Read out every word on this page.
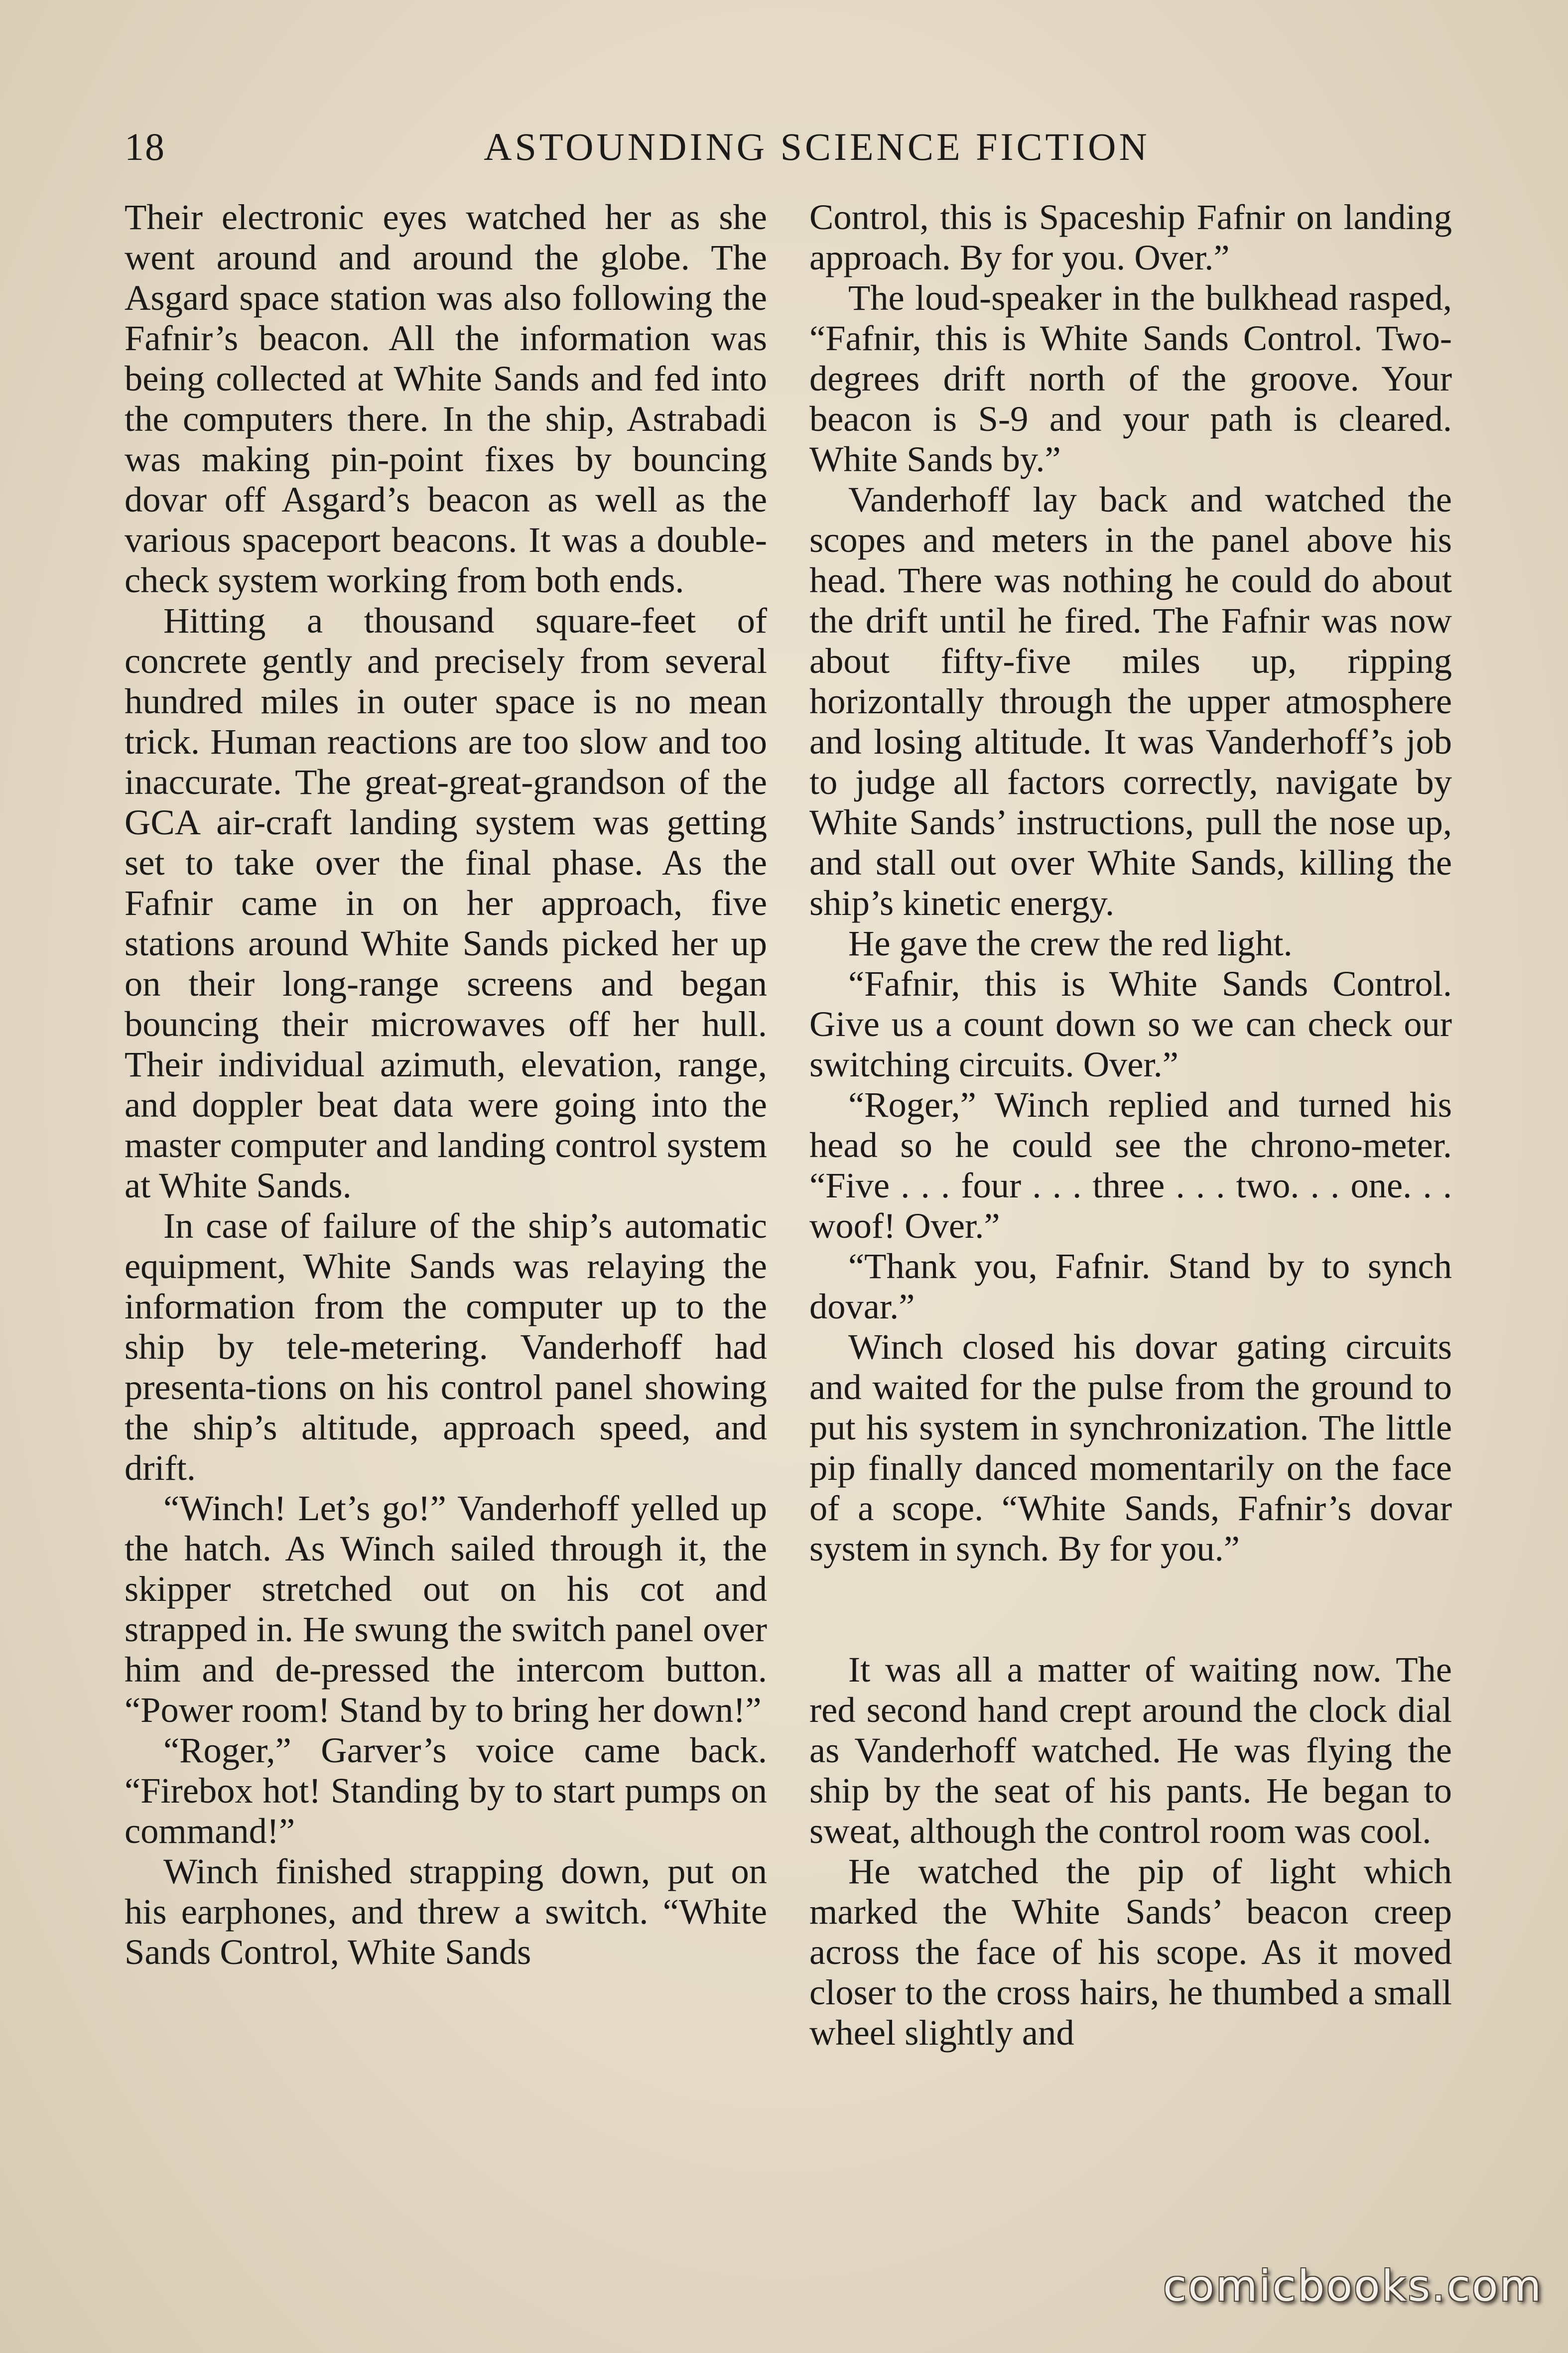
18	ASTOUNDING SCIENCE FICTION

Their electronic eyes watched her as she went around and around the globe. The Asgard space station was also following the Fafnir’s beacon. All the information was being collected at White Sands and fed into the computers there. In the ship, Astrabadi was making pin-point fixes by bouncing dovar off Asgard’s beacon as well as the various spaceport beacons. It was a double-check system working from both ends.

Hitting a thousand square-feet of concrete gently and precisely from several hundred miles in outer space is no mean trick. Human reactions are too slow and too inaccurate. The great-great-grandson of the GCA air-craft landing system was getting set to take over the final phase. As the Fafnir came in on her approach, five stations around White Sands picked her up on their long-range screens and began bouncing their microwaves off her hull. Their individual azimuth, elevation, range, and doppler beat data were going into the master computer and landing control system at White Sands.

In case of failure of the ship’s automatic equipment, White Sands was relaying the information from the computer up to the ship by tele-metering. Vanderhoff had presenta-tions on his control panel showing the ship’s altitude, approach speed, and drift.

“Winch! Let’s go!” Vanderhoff yelled up the hatch. As Winch sailed through it, the skipper stretched out on his cot and strapped in. He swung the switch panel over him and de-pressed the intercom button. “Power room! Stand by to bring her down!”

“Roger,” Garver’s voice came back. “Firebox hot! Standing by to start pumps on command!”

Winch finished strapping down, put on his earphones, and threw a switch. “White Sands Control, White Sands

Control, this is Spaceship Fafnir on landing approach. By for you. Over.”

The loud-speaker in the bulkhead rasped, “Fafnir, this is White Sands Control. Two-degrees drift north of the groove. Your beacon is S-9 and your path is cleared. White Sands by.”

Vanderhoff lay back and watched the scopes and meters in the panel above his head. There was nothing he could do about the drift until he fired. The Fafnir was now about fifty-five miles up, ripping horizontally through the upper atmosphere and losing altitude. It was Vanderhoff’s job to judge all factors correctly, navigate by White Sands’ instructions, pull the nose up, and stall out over White Sands, killing the ship’s kinetic energy.

He gave the crew the red light.

“Fafnir, this is White Sands Control. Give us a count down so we can check our switching circuits. Over.”

“Roger,” Winch replied and turned his head so he could see the chrono-meter. “Five . . . four . . . three . . . two. . . one. . . woof! Over.”

“Thank you, Fafnir. Stand by to synch dovar.”

Winch closed his dovar gating circuits and waited for the pulse from the ground to put his system in synchronization. The little pip finally danced momentarily on the face of a scope. “White Sands, Fafnir’s dovar system in synch. By for you.”

It was all a matter of waiting now. The red second hand crept around the clock dial as Vanderhoff watched. He was flying the ship by the seat of his pants. He began to sweat, although the control room was cool.

He watched the pip of light which marked the White Sands’ beacon creep across the face of his scope. As it moved closer to the cross hairs, he thumbed a small wheel slightly and

comicbooks.com
